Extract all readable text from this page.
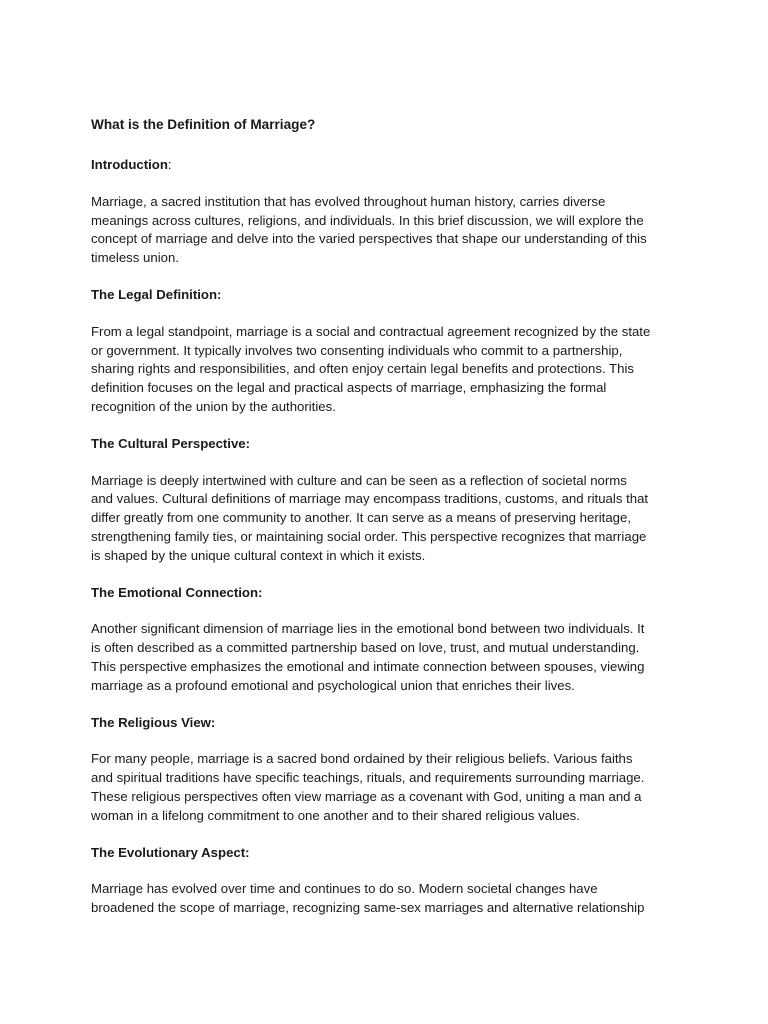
What is the Definition of Marriage?
Introduction:
Marriage, a sacred institution that has evolved throughout human history, carries diverse
meanings across cultures, religions, and individuals. In this brief discussion, we will explore the
concept of marriage and delve into the varied perspectives that shape our understanding of this
timeless union.
The Legal Definition:
From a legal standpoint, marriage is a social and contractual agreement recognized by the state
or government. It typically involves two consenting individuals who commit to a partnership,
sharing rights and responsibilities, and often enjoy certain legal benefits and protections. This
definition focuses on the legal and practical aspects of marriage, emphasizing the formal
recognition of the union by the authorities.
The Cultural Perspective:
Marriage is deeply intertwined with culture and can be seen as a reflection of societal norms
and values. Cultural definitions of marriage may encompass traditions, customs, and rituals that
differ greatly from one community to another. It can serve as a means of preserving heritage,
strengthening family ties, or maintaining social order. This perspective recognizes that marriage
is shaped by the unique cultural context in which it exists.
The Emotional Connection:
Another significant dimension of marriage lies in the emotional bond between two individuals. It
is often described as a committed partnership based on love, trust, and mutual understanding.
This perspective emphasizes the emotional and intimate connection between spouses, viewing
marriage as a profound emotional and psychological union that enriches their lives.
The Religious View:
For many people, marriage is a sacred bond ordained by their religious beliefs. Various faiths
and spiritual traditions have specific teachings, rituals, and requirements surrounding marriage.
These religious perspectives often view marriage as a covenant with God, uniting a man and a
woman in a lifelong commitment to one another and to their shared religious values.
The Evolutionary Aspect:
Marriage has evolved over time and continues to do so. Modern societal changes have
broadened the scope of marriage, recognizing same-sex marriages and alternative relationship
